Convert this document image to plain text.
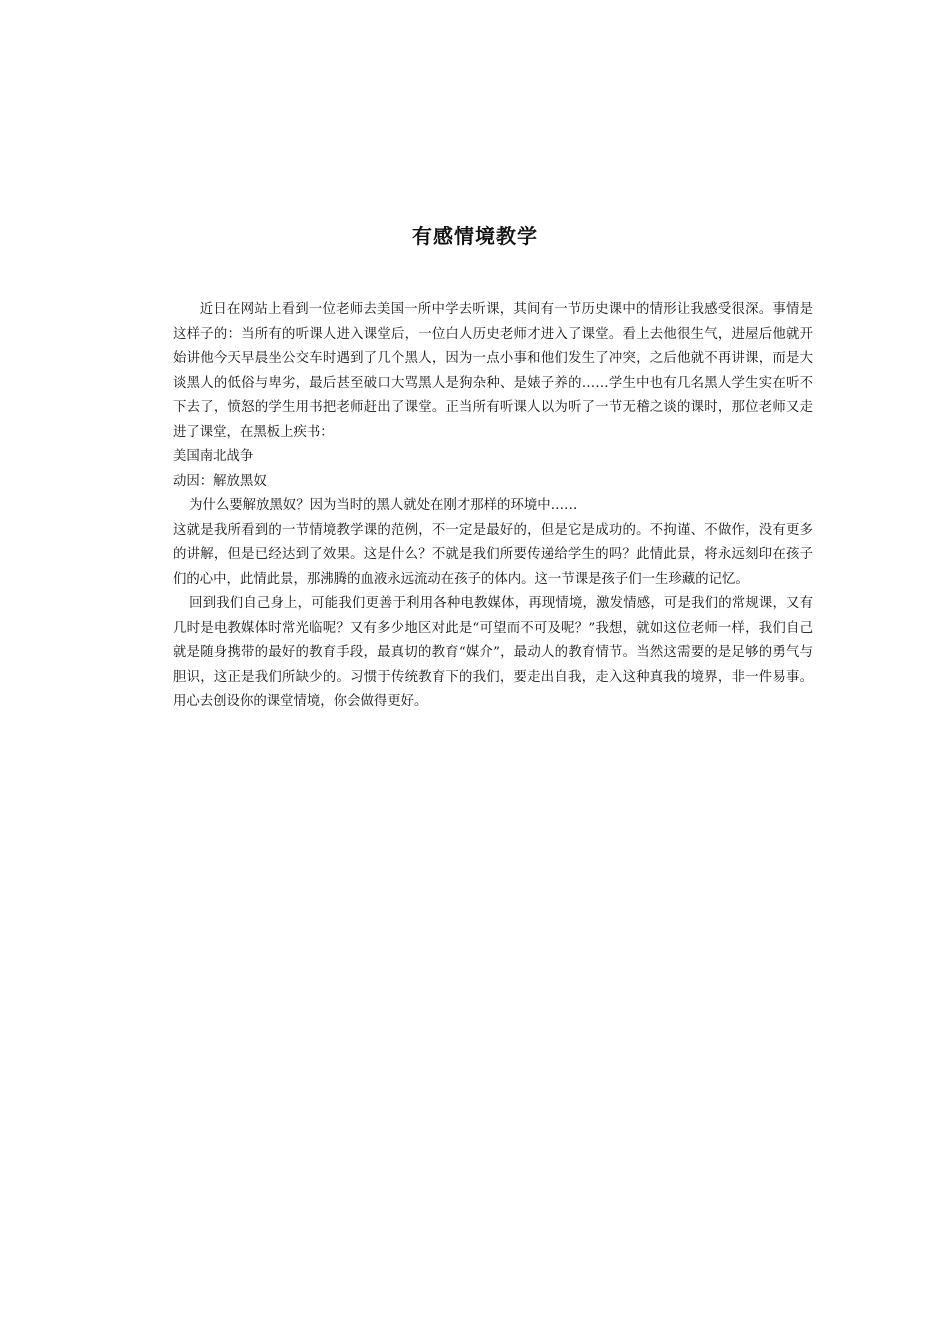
有感情境教学

近日在网站上看到一位老师去美国一所中学去听课，其间有一节历史课中的情形让我感受很深。事情是这样子的：当所有的听课人进入课堂后，一位白人历史老师才进入了课堂。看上去他很生气，进屋后他就开始讲他今天早晨坐公交车时遇到了几个黑人，因为一点小事和他们发生了冲突，之后他就不再讲课，而是大谈黑人的低俗与卑劣，最后甚至破口大骂黑人是狗杂种、是婊子养的……学生中也有几名黑人学生实在听不下去了，愤怒的学生用书把老师赶出了课堂。正当所有听课人以为听了一节无稽之谈的课时，那位老师又走进了课堂，在黑板上疾书：

美国南北战争

动因：解放黑奴

为什么要解放黑奴？因为当时的黑人就处在刚才那样的环境中……

这就是我所看到的一节情境教学课的范例，不一定是最好的，但是它是成功的。不拘谨、不做作，没有更多的讲解，但是已经达到了效果。这是什么？不就是我们所要传递给学生的吗？此情此景，将永远刻印在孩子们的心中，此情此景，那沸腾的血液永远流动在孩子的体内。这一节课是孩子们一生珍藏的记忆。

回到我们自己身上，可能我们更善于利用各种电教媒体，再现情境，激发情感，可是我们的常规课，又有几时是电教媒体时常光临呢？又有多少地区对此是“可望而不可及呢？”我想，就如这位老师一样，我们自己就是随身携带的最好的教育手段，最真切的教育“媒介”，最动人的教育情节。当然这需要的是足够的勇气与胆识，这正是我们所缺少的。习惯于传统教育下的我们，要走出自我，走入这种真我的境界，非一件易事。用心去创设你的课堂情境，你会做得更好。
